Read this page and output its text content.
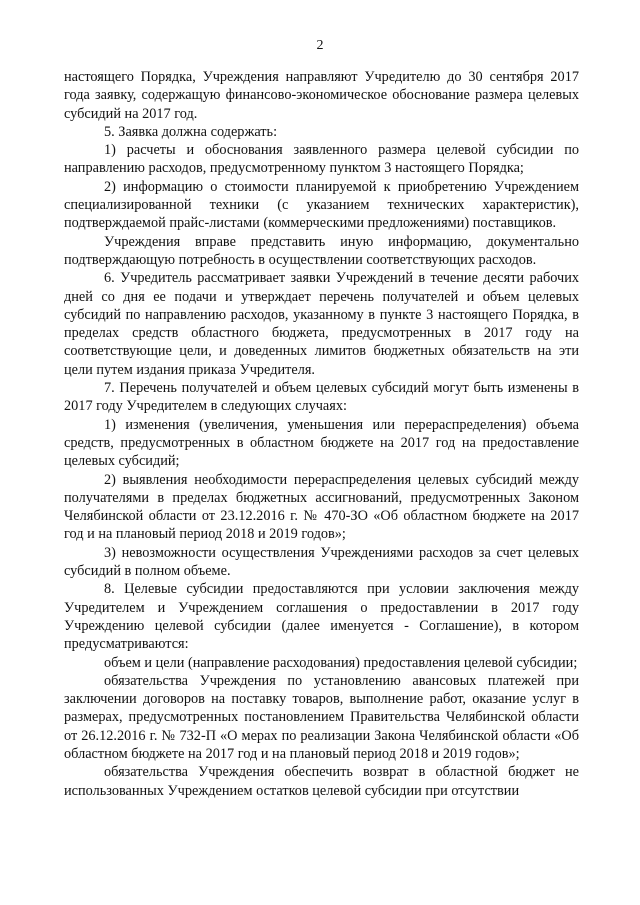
2

настоящего Порядка, Учреждения направляют Учредителю до 30 сентября 2017 года заявку, содержащую финансово-экономическое обоснование размера целевых субсидий на 2017 год.

5. Заявка должна содержать:

1) расчеты и обоснования заявленного размера целевой субсидии по направлению расходов, предусмотренному пунктом 3 настоящего Порядка;

2) информацию о стоимости планируемой к приобретению Учреждением специализированной техники (с указанием технических характеристик), подтверждаемой прайс-листами (коммерческими предложениями) поставщиков.

Учреждения вправе представить иную информацию, документально подтверждающую потребность в осуществлении соответствующих расходов.

6. Учредитель рассматривает заявки Учреждений в течение десяти рабочих дней со дня ее подачи и утверждает перечень получателей и объем целевых субсидий по направлению расходов, указанному в пункте 3 настоящего Порядка, в пределах средств областного бюджета, предусмотренных в 2017 году на соответствующие цели, и доведенных лимитов бюджетных обязательств на эти цели путем издания приказа Учредителя.

7. Перечень получателей и объем целевых субсидий могут быть изменены в 2017 году Учредителем в следующих случаях:

1) изменения (увеличения, уменьшения или перераспределения) объема средств, предусмотренных в областном бюджете на 2017 год на предоставление целевых субсидий;

2) выявления необходимости перераспределения целевых субсидий между получателями в пределах бюджетных ассигнований, предусмотренных Законом Челябинской области от 23.12.2016 г. № 470-ЗО «Об областном бюджете на 2017 год и на плановый период 2018 и 2019 годов»;

3) невозможности осуществления Учреждениями расходов за счет целевых субсидий в полном объеме.

8. Целевые субсидии предоставляются при условии заключения между Учредителем и Учреждением соглашения о предоставлении в 2017 году Учреждению целевой субсидии (далее именуется - Соглашение), в котором предусматриваются:

объем и цели (направление расходования) предоставления целевой субсидии;

обязательства Учреждения по установлению авансовых платежей при заключении договоров на поставку товаров, выполнение работ, оказание услуг в размерах, предусмотренных постановлением Правительства Челябинской области от 26.12.2016 г. № 732-П «О мерах по реализации Закона Челябинской области «Об областном бюджете на 2017 год и на плановый период 2018 и 2019 годов»;

обязательства Учреждения обеспечить возврат в областной бюджет не использованных Учреждением остатков целевой субсидии при отсутствии
